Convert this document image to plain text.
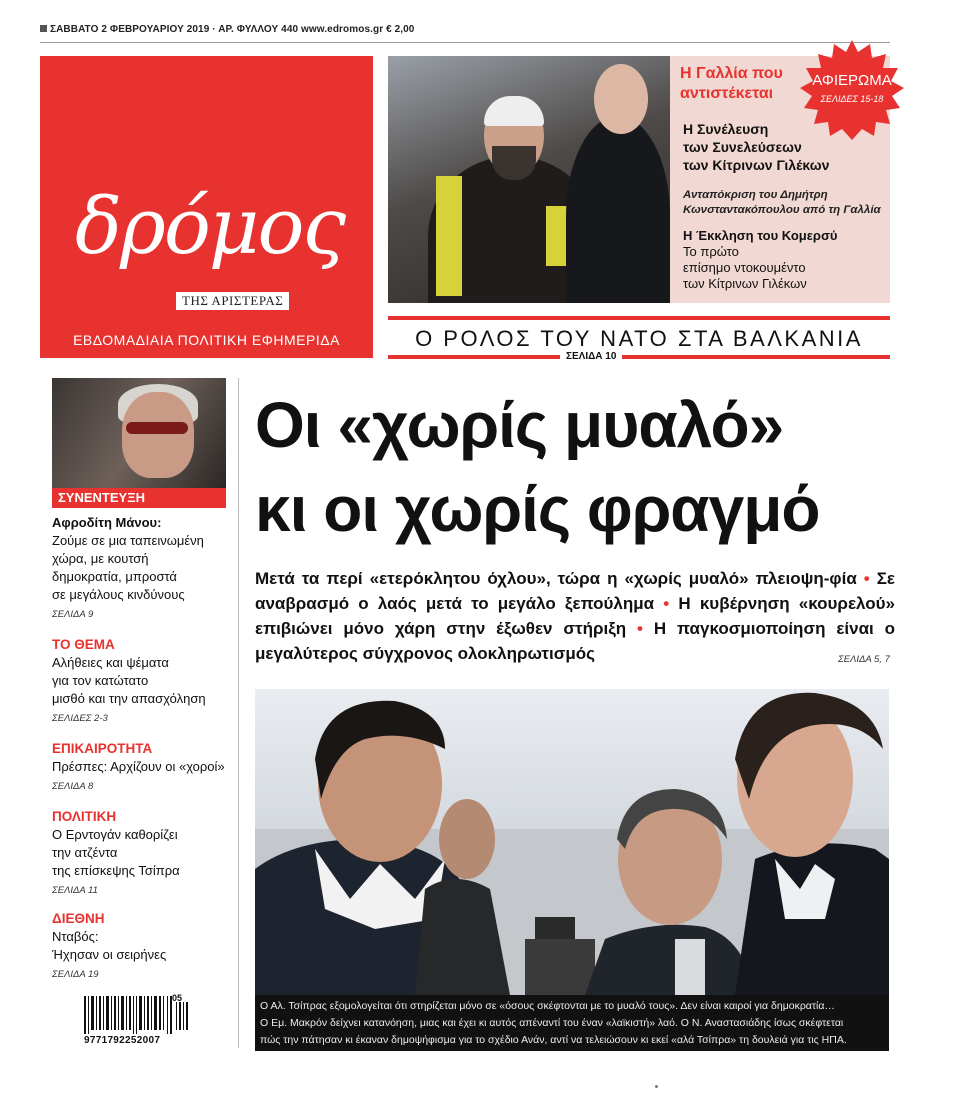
ΣΑΒΒΑΤΟ 2 ΦΕΒΡΟΥΑΡΙΟΥ 2019 · ΑΡ. ΦΥΛΛΟΥ 440 www.edromos.gr € 2,00
δρόμος
ΤΗΣ ΑΡΙΣΤΕΡΑΣ
ΕΒΔΟΜΑΔΙΑΙΑ ΠΟΛΙΤΙΚΗ ΕΦΗΜΕΡΙΔΑ
Η Γαλλία που
αντιστέκεται
ΑΦΙΕΡΩΜΑ
ΣΕΛΙΔΕΣ 15-18
Η Συνέλευση
των Συνελεύσεων
των Κίτρινων Γιλέκων
Ανταπόκριση του Δημήτρη
Κωνσταντακόπουλου από τη Γαλλία
Η Έκκληση του Κομερσύ
Το πρώτο
επίσημο ντοκουμέντο
των Κίτρινων Γιλέκων
Ο ΡΟΛΟΣ ΤΟΥ ΝΑΤΟ ΣΤΑ ΒΑΛΚΑΝΙΑ
ΣΕΛΙΔΑ 10
ΣΥΝΕΝΤΕΥΞΗ
Αφροδίτη Μάνου:
Ζούμε σε μια ταπεινωμένη
χώρα, με κουτσή
δημοκρατία, μπροστά
σε μεγάλους κινδύνους
ΣΕΛΙΔΑ 9
ΤΟ ΘΕΜΑ
Αλήθειες και ψέματα
για τον κατώτατο
μισθό και την απασχόληση
ΣΕΛΙΔΕΣ 2-3
ΕΠΙΚΑΙΡΟΤΗΤΑ
Πρέσπες: Αρχίζουν οι «χοροί»
ΣΕΛΙΔΑ 8
ΠΟΛΙΤΙΚΗ
Ο Ερντογάν καθορίζει
την ατζέντα
της επίσκεψης Τσίπρα
ΣΕΛΙΔΑ 11
ΔΙΕΘΝΗ
Νταβός:
Ήχησαν οι σειρήνες
ΣΕΛΙΔΑ 19
9771792252007
05
Οι «χωρίς μυαλό»
κι οι χωρίς φραγμό
Μετά τα περί «ετερόκλητου όχλου», τώρα η «χωρίς μυαλό» πλειοψη-φία • Σε αναβρασμό ο λαός μετά το μεγάλο ξεπούλημα • Η κυβέρνηση «κουρελού» επιβιώνει μόνο χάρη στην έξωθεν στήριξη • Η παγκοσμιοποίηση είναι ο μεγαλύτερος σύγχρονος ολοκληρωτισμός	ΣΕΛΙΔΑ 5, 7
Ο Αλ. Τσίπρας εξομολογείται ότι στηρίζεται μόνο σε «όσους σκέφτονται με το μυαλό τους». Δεν είναι καιροί για δημοκρατία…
Ο Εμ. Μακρόν δείχνει κατανόηση, μιας και έχει κι αυτός απέναντί του έναν «λαϊκιστή» λαό. Ο Ν. Αναστασιάδης ίσως σκέφτεται
πώς την πάτησαν κι έκαναν δημοψήφισμα για το σχέδιο Ανάν, αντί να τελειώσουν κι εκεί «αλά Τσίπρα» τη δουλειά για τις ΗΠΑ.
